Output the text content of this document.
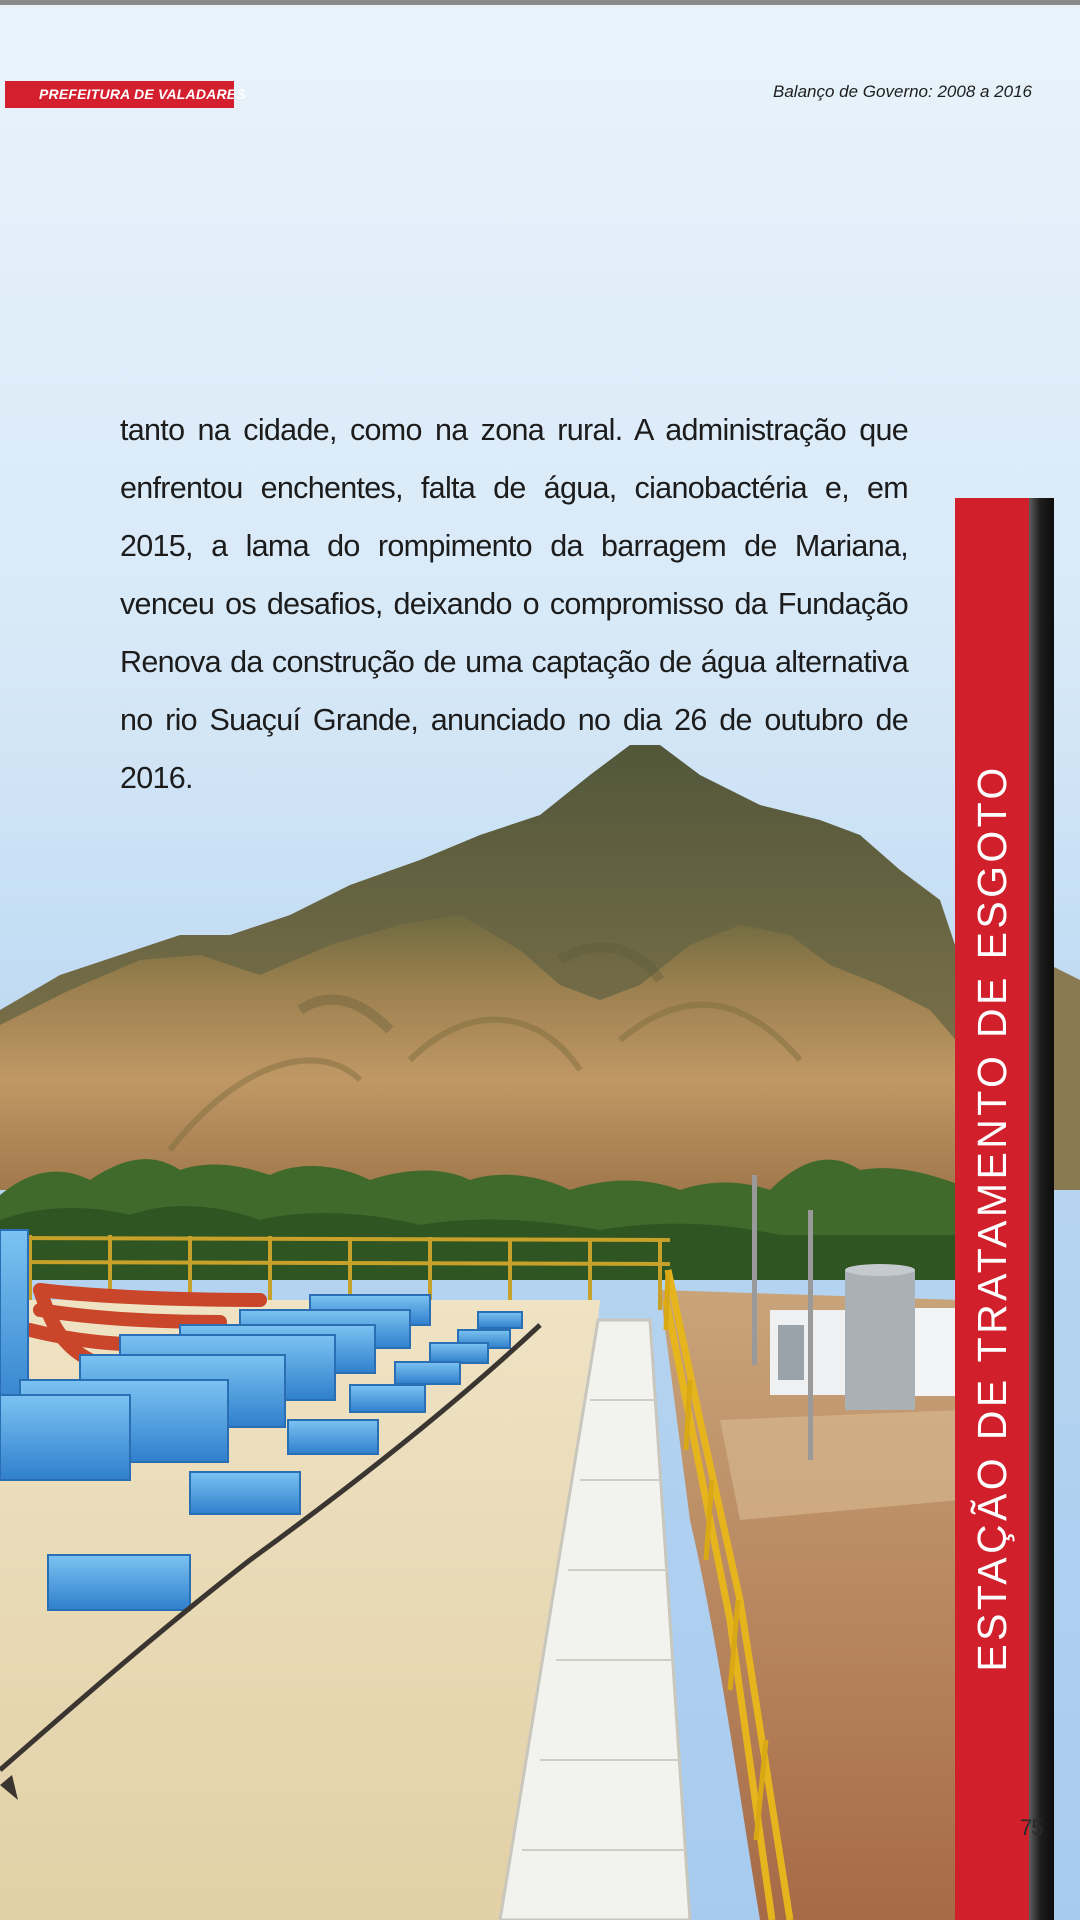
PREFEITURA DE VALADARES	Balanço de Governo: 2008 a 2016

tanto na cidade, como na zona rural. A administração que enfrentou enchentes, falta de água, cianobactéria e, em 2015, a lama do rompimento da barragem de Mariana, venceu os desafios, deixando o compromisso da Fundação Renova da construção de uma captação de água alternativa no rio Suaçuí Grande, anunciado no dia 26 de outubro de 2016.	ESTAÇÃO DE TRATAMENTO DE ESGOTO
75
